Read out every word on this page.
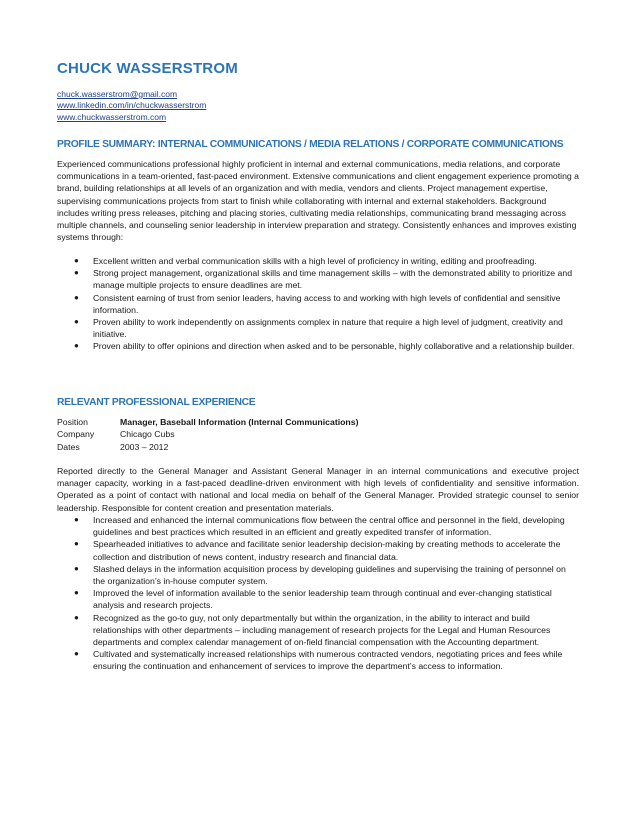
CHUCK WASSERSTROM
chuck.wasserstrom@gmail.com
www.linkedin.com/in/chuckwasserstrom
www.chuckwasserstrom.com
PROFILE SUMMARY: INTERNAL COMMUNICATIONS / MEDIA RELATIONS / CORPORATE COMMUNICATIONS
Experienced communications professional highly proficient in internal and external communications, media relations, and corporate communications in a team-oriented, fast-paced environment. Extensive communications and client engagement experience promoting a brand, building relationships at all levels of an organization and with media, vendors and clients. Project management expertise, supervising communications projects from start to finish while collaborating with internal and external stakeholders. Background includes writing press releases, pitching and placing stories, cultivating media relationships, communicating brand messaging across multiple channels, and counseling senior leadership in interview preparation and strategy. Consistently enhances and improves existing systems through:
● Excellent written and verbal communication skills with a high level of proficiency in writing, editing and proofreading.
● Strong project management, organizational skills and time management skills – with the demonstrated ability to prioritize and manage multiple projects to ensure deadlines are met.
● Consistent earning of trust from senior leaders, having access to and working with high levels of confidential and sensitive information.
● Proven ability to work independently on assignments complex in nature that require a high level of judgment, creativity and initiative.
● Proven ability to offer opinions and direction when asked and to be personable, highly collaborative and a relationship builder.
RELEVANT PROFESSIONAL EXPERIENCE
Position	Manager, Baseball Information (Internal Communications)
Company	Chicago Cubs
Dates	2003 – 2012
Reported directly to the General Manager and Assistant General Manager in an internal communications and executive project manager capacity, working in a fast-paced deadline-driven environment with high levels of confidentiality and sensitive information. Operated as a point of contact with national and local media on behalf of the General Manager. Provided strategic counsel to senior leadership. Responsible for content creation and presentation materials.
● Increased and enhanced the internal communications flow between the central office and personnel in the field, developing guidelines and best practices which resulted in an efficient and greatly expedited transfer of information.
● Spearheaded initiatives to advance and facilitate senior leadership decision-making by creating methods to accelerate the collection and distribution of news content, industry research and financial data.
● Slashed delays in the information acquisition process by developing guidelines and supervising the training of personnel on the organization’s in-house computer system.
● Improved the level of information available to the senior leadership team through continual and ever-changing statistical analysis and research projects.
● Recognized as the go-to guy, not only departmentally but within the organization, in the ability to interact and build relationships with other departments – including management of research projects for the Legal and Human Resources departments and complex calendar management of on-field financial compensation with the Accounting department.
● Cultivated and systematically increased relationships with numerous contracted vendors, negotiating prices and fees while ensuring the continuation and enhancement of services to improve the department’s access to information.
